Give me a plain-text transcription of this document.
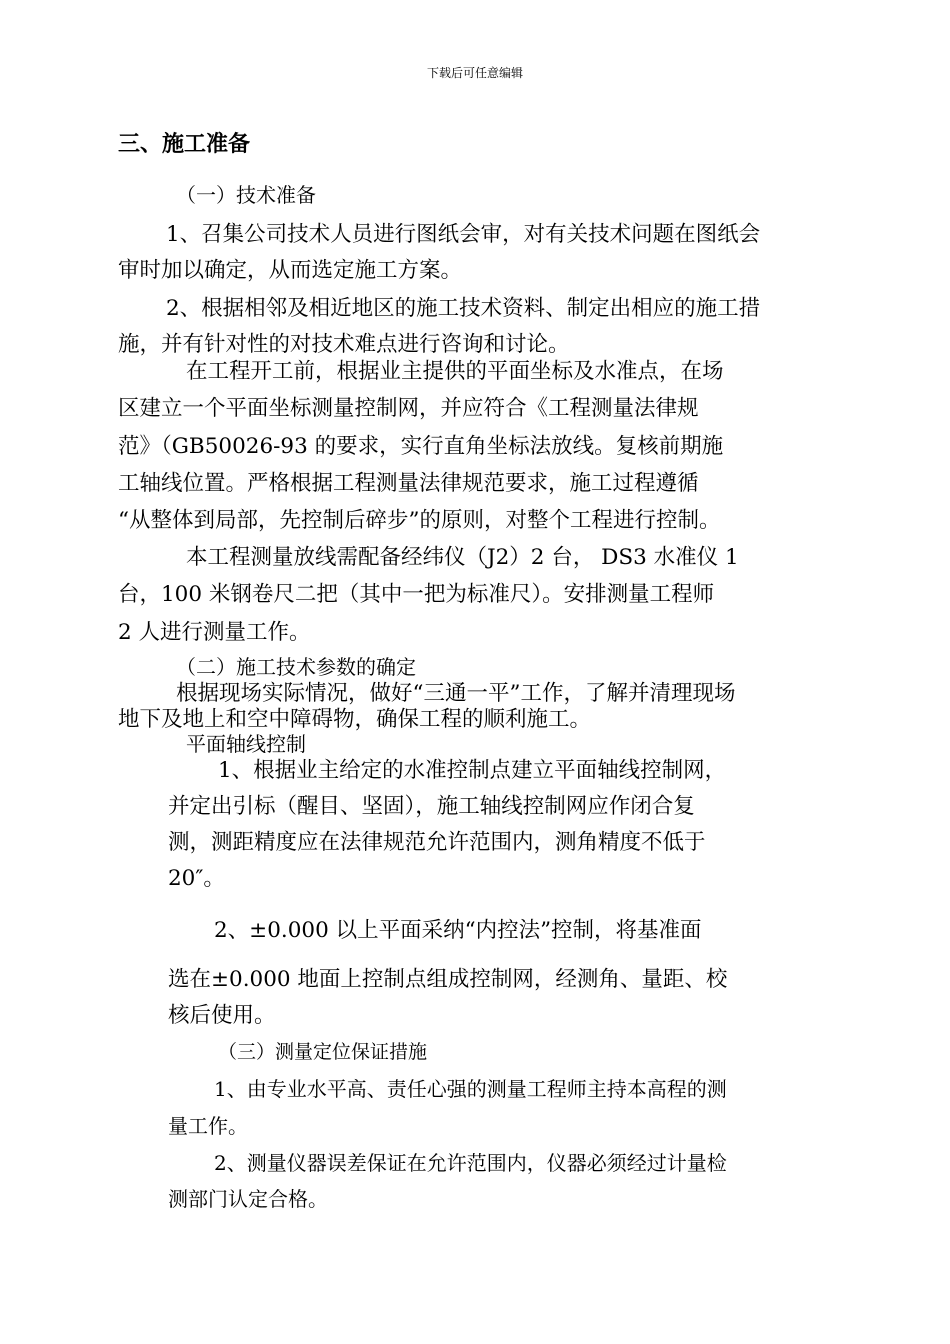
下载后可任意编辑
三、施工准备
（一）技术准备
1、召集公司技术人员进行图纸会审，对有关技术问题在图纸会
审时加以确定，从而选定施工方案。
2、根据相邻及相近地区的施工技术资料、制定出相应的施工措
施，并有针对性的对技术难点进行咨询和讨论。
在工程开工前，根据业主提供的平面坐标及水准点，在场
区建立一个平面坐标测量控制网，并应符合《工程测量法律规
范》（GB50026-93 的要求，实行直角坐标法放线。复核前期施
工轴线位置。严格根据工程测量法律规范要求，施工过程遵循
“从整体到局部，先控制后碎步”的原则，对整个工程进行控制。
本工程测量放线需配备经纬仪（J2）2 台， DS3 水准仪 1
台，100 米钢卷尺二把（其中一把为标准尺）。安排测量工程师
2 人进行测量工作。
（二）施工技术参数的确定
根据现场实际情况，做好“三通一平”工作，了解并清理现场
地下及地上和空中障碍物，确保工程的顺利施工。
平面轴线控制
1、根据业主给定的水准控制点建立平面轴线控制网，
并定出引标（醒目、坚固），施工轴线控制网应作闭合复
测，测距精度应在法律规范允许范围内，测角精度不低于
20″。
2、±0.000 以上平面采纳“内控法”控制，将基准面
选在±0.000 地面上控制点组成控制网，经测角、量距、校
核后使用。
（三）测量定位保证措施
1、由专业水平高、责任心强的测量工程师主持本高程的测
量工作。
2、测量仪器误差保证在允许范围内，仪器必须经过计量检
测部门认定合格。
